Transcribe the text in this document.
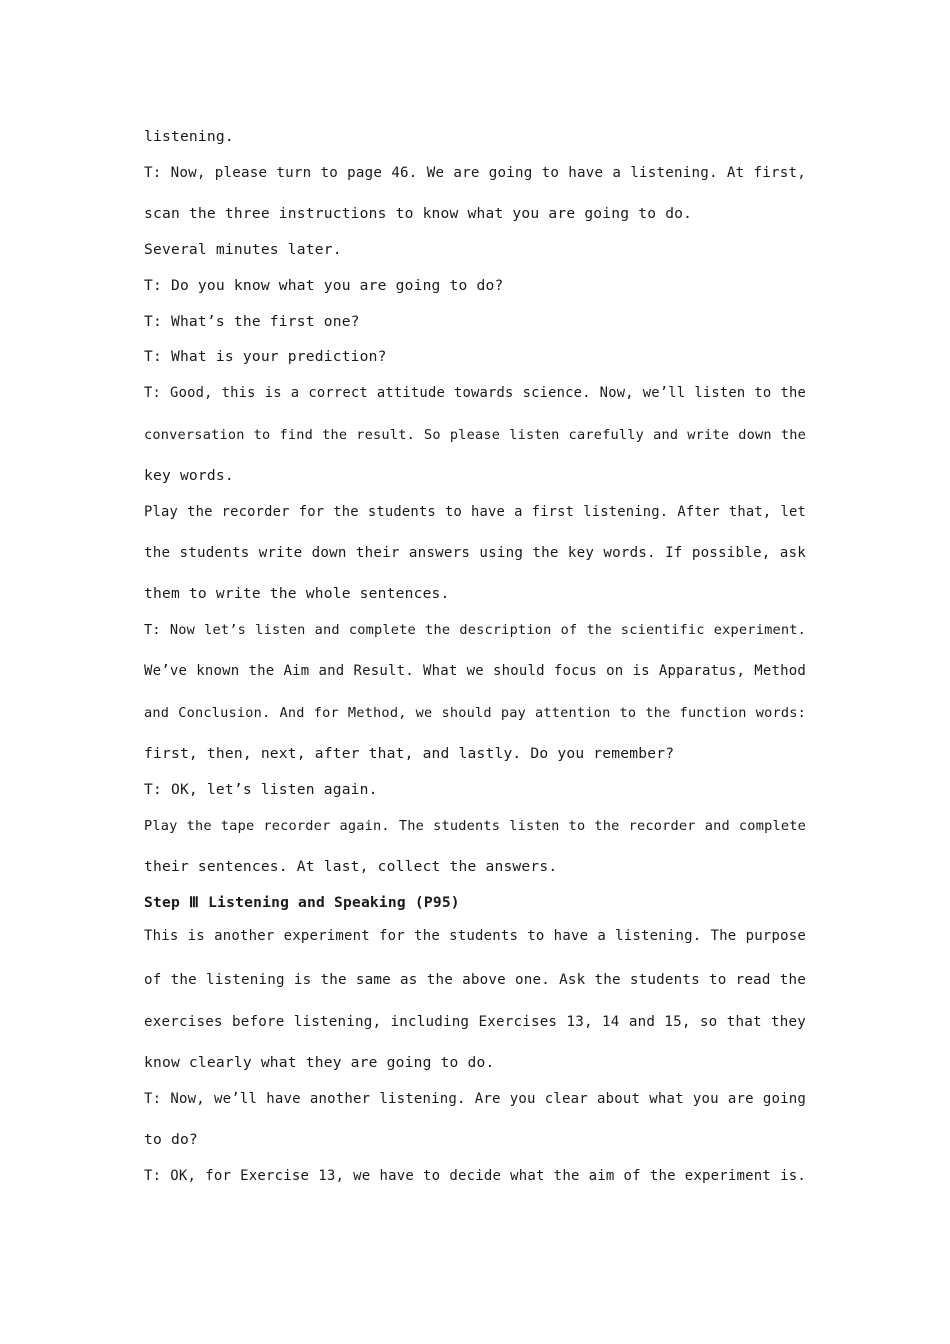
listening.
T: Now, please turn to page 46. We are going to have a listening. At first,
scan the three instructions to know what you are going to do.
Several minutes later.
T: Do you know what you are going to do?
T: What’s the first one?
T: What is your prediction?
T: Good, this is a correct attitude towards science. Now, we’ll listen to the
conversation to find the result. So please listen carefully and write down the
key words.
Play the recorder for the students to have a first listening. After that, let
the students write down their answers using the key words. If possible, ask
them to write the whole sentences.
T: Now let’s listen and complete the description of the scientific experiment.
We’ve known the Aim and Result. What we should focus on is Apparatus, Method
and Conclusion. And for Method, we should pay attention to the function words:
first, then, next, after that, and lastly. Do you remember?
T: OK, let’s listen again.
Play the tape recorder again. The students listen to the recorder and complete
their sentences. At last, collect the answers.
Step Ⅲ Listening and Speaking (P95)
This is another experiment for the students to have a listening. The purpose
of the listening is the same as the above one. Ask the students to read the
exercises before listening, including Exercises 13, 14 and 15, so that they
know clearly what they are going to do.
T: Now, we’ll have another listening. Are you clear about what you are going
to do?
T: OK, for Exercise 13, we have to decide what the aim of the experiment is.
